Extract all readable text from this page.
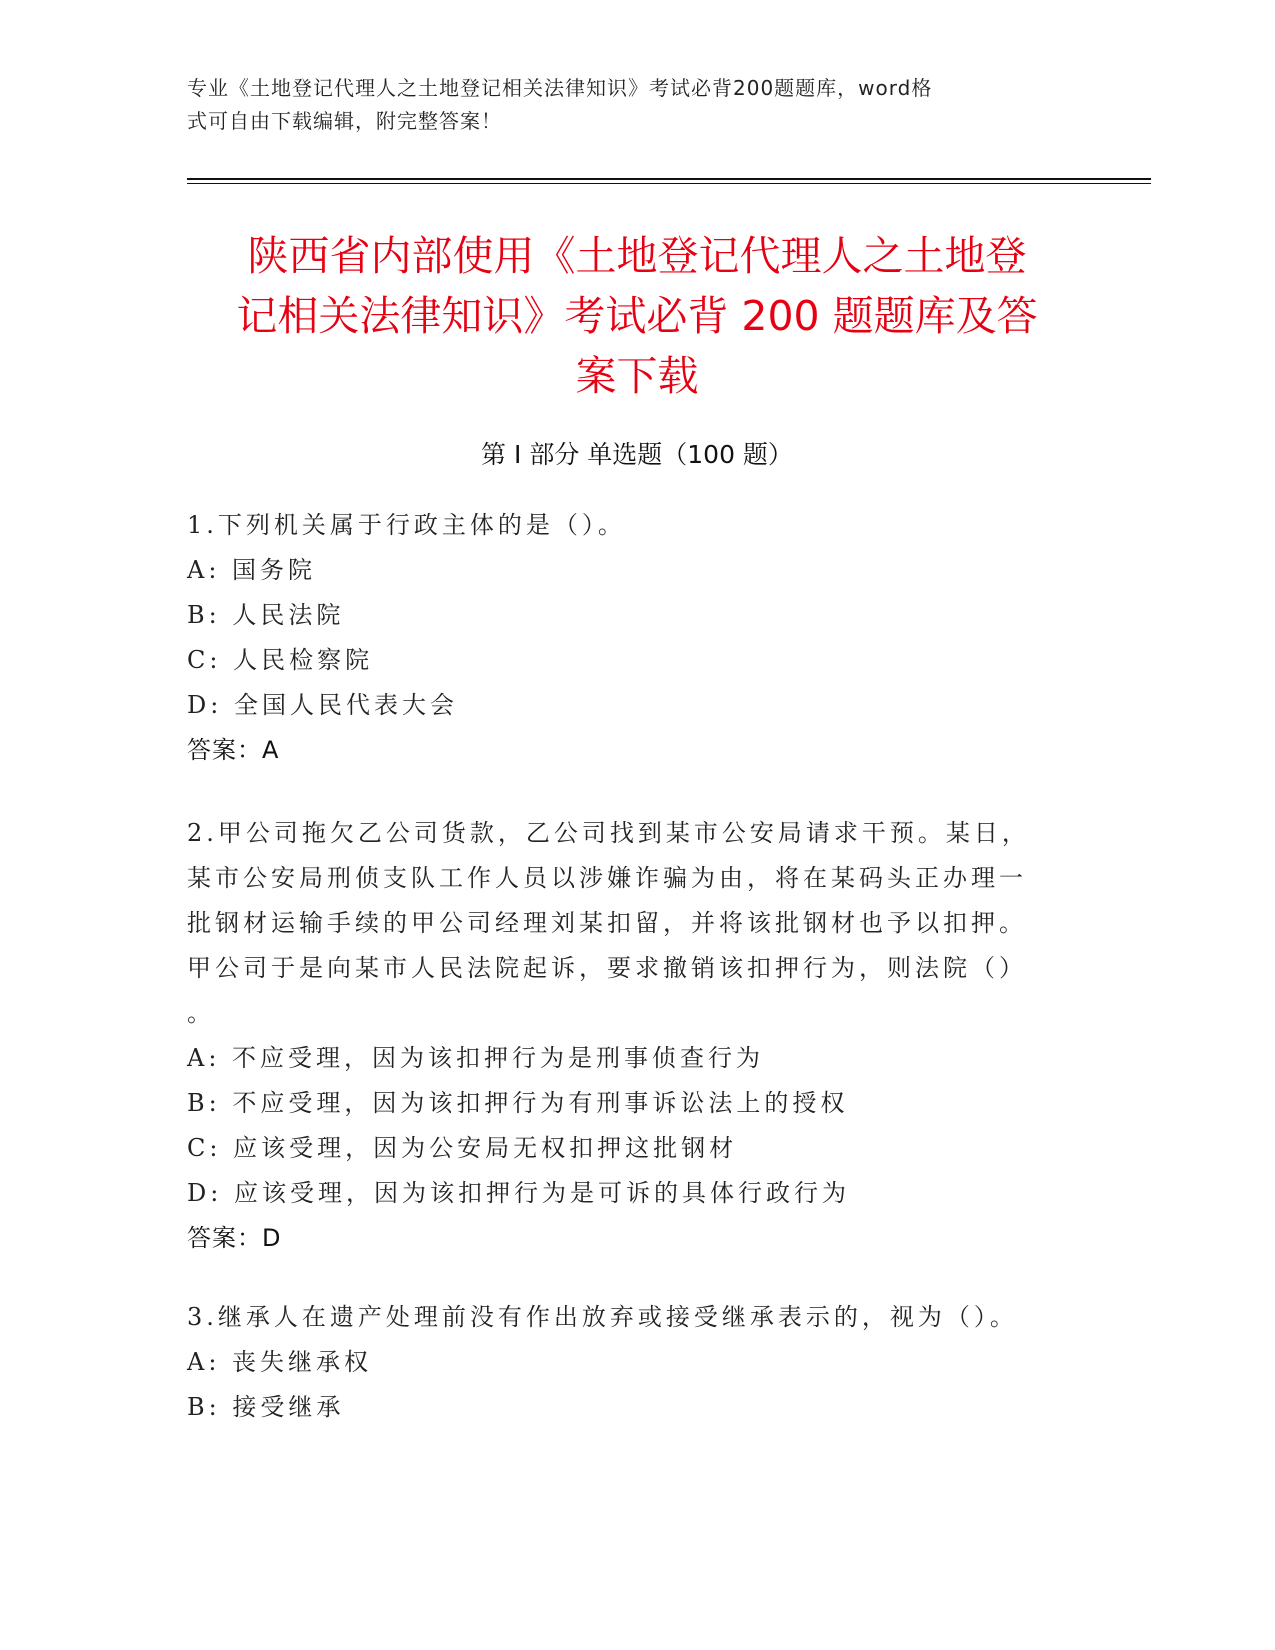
专业《土地登记代理人之土地登记相关法律知识》考试必背200题题库，word格
式可自由下载编辑，附完整答案！
陕西省内部使用《土地登记代理人之土地登
记相关法律知识》考试必背 200 题题库及答
案下载
第 I 部分 单选题（100 题）
1.下列机关属于行政主体的是（）。
A: 国务院
B: 人民法院
C: 人民检察院
D: 全国人民代表大会
答案：A
2.甲公司拖欠乙公司货款，乙公司找到某市公安局请求干预。某日，
某市公安局刑侦支队工作人员以涉嫌诈骗为由，将在某码头正办理一
批钢材运输手续的甲公司经理刘某扣留，并将该批钢材也予以扣押。
甲公司于是向某市人民法院起诉，要求撤销该扣押行为，则法院（）
。
A: 不应受理，因为该扣押行为是刑事侦查行为
B: 不应受理，因为该扣押行为有刑事诉讼法上的授权
C: 应该受理，因为公安局无权扣押这批钢材
D: 应该受理，因为该扣押行为是可诉的具体行政行为
答案：D
3.继承人在遗产处理前没有作出放弃或接受继承表示的，视为（）。
A: 丧失继承权
B: 接受继承
